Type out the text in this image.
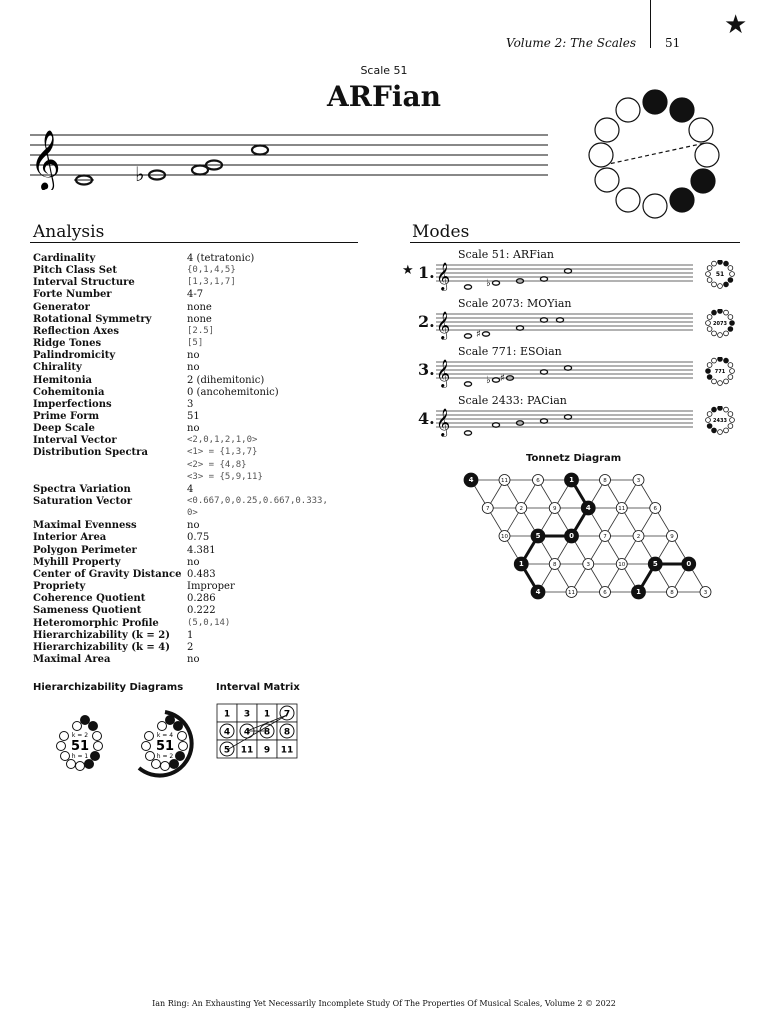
Volume 2: The Scales 51
★
Scale 51
ARFian
𝄞	♭
Analysis
Cardinality	4 (tetratonic)
Pitch Class Set	{0,1,4,5}
Interval Structure	[1,3,1,7]
Forte Number	4-7
Generator	none
Rotational Symmetry	none
Reflection Axes	[2.5]
Ridge Tones	[5]
Palindromicity	no
Chirality	no
Hemitonia	2 (dihemitonic)
Cohemitonia	0 (ancohemitonic)
Imperfections	3
Prime Form	51
Deep Scale	no
Interval Vector	<2,0,1,2,1,0>
Distribution Spectra	<1> = {1,3,7}
<2> = {4,8}
<3> = {5,9,11}
Spectra Variation	4
Saturation Vector	<0.667,0,0.25,0.667,0.333,
0>
Maximal Evenness	no
Interior Area	0.75
Polygon Perimeter	4.381
Myhill Property	no
Center of Gravity Distance 0.483
Propriety	Improper
Coherence Quotient	0.286
Sameness Quotient	0.222
Heteromorphic Profile	(5,0,14)
Hierarchizability (k = 2)	1
Hierarchizability (k = 4)	2
Maximal Area	no
Modes
1.
★
Scale 51: ARFian
𝄞	♭
51
2.
Scale 2073: MOYian
𝄞	♯
2073
3.
Scale 771: ESOian
𝄞	♭ ♯
771
4.
Scale 2433: PACian
𝄞	2433
Tonnetz Diagram
4	11	6	1	8	3
7	2	9	4	11	6
10	5	0	7	2	9
1	8	3	10	5	0
4	11	6	1	8	3
Hierarchizability Diagrams
k = 2
51
h = 1
k = 4
51
h = 2
Interval Matrix
1 3 1 7
4 4 8 8
5 11 9 11
Ian Ring: An Exhausting Yet Necessarily Incomplete Study Of The Properties Of Musical Scales, Volume 2 © 2022
